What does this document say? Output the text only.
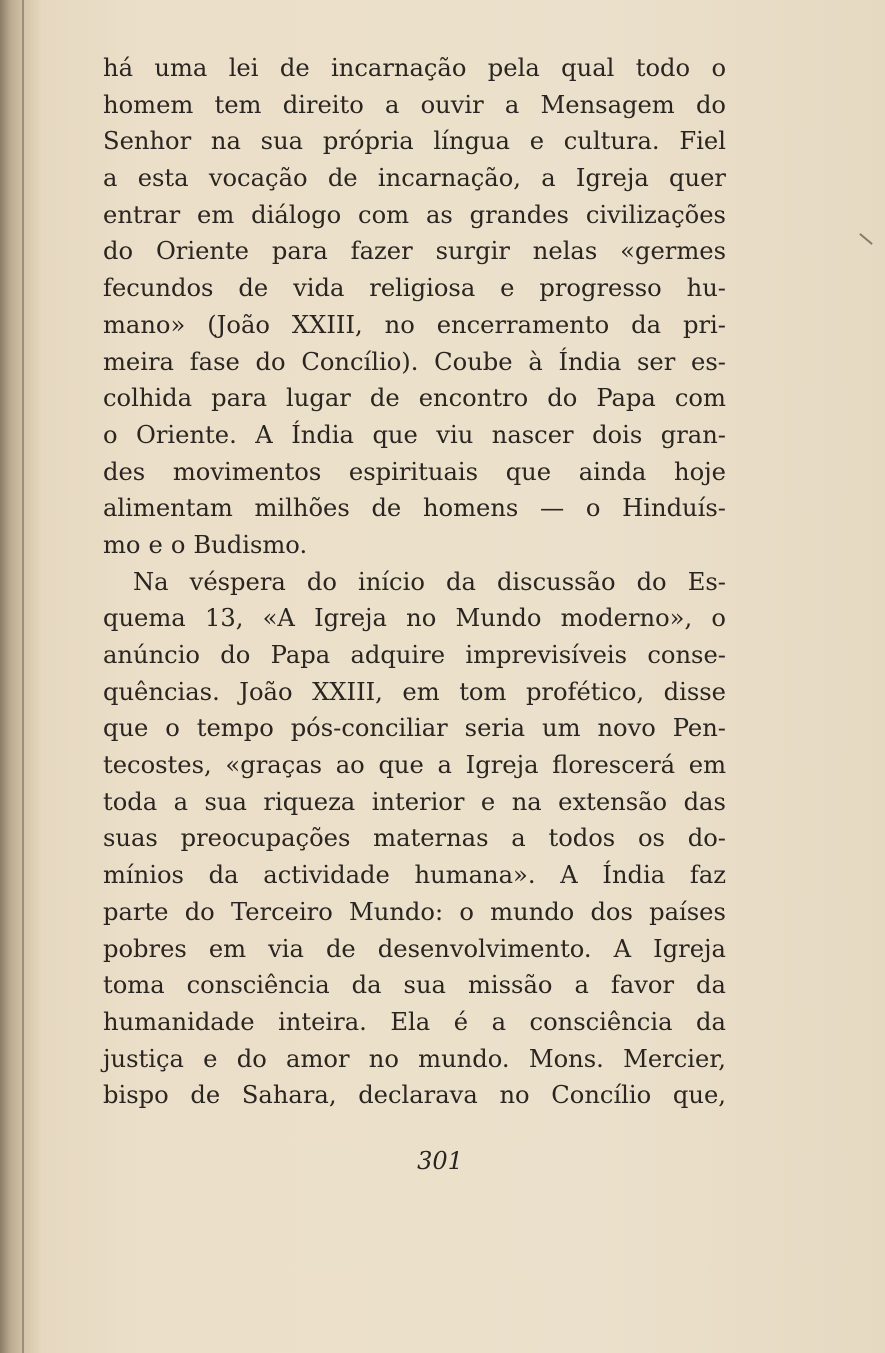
há uma lei de incarnação pela qual todo o
homem tem direito a ouvir a Mensagem do
Senhor na sua própria língua e cultura. Fiel
a esta vocação de incarnação, a Igreja quer
entrar em diálogo com as grandes civilizações
do Oriente para fazer surgir nelas «germes
fecundos de vida religiosa e progresso hu-
mano» (João XXIII, no encerramento da pri-
meira fase do Concílio). Coube à Índia ser es-
colhida para lugar de encontro do Papa com
o Oriente. A Índia que viu nascer dois gran-
des movimentos espirituais que ainda hoje
alimentam milhões de homens — o Hinduís-
mo e o Budismo.
Na véspera do início da discussão do Es-
quema 13, «A Igreja no Mundo moderno», o
anúncio do Papa adquire imprevisíveis conse-
quências. João XXIII, em tom profético, disse
que o tempo pós-conciliar seria um novo Pen-
tecostes, «graças ao que a Igreja florescerá em
toda a sua riqueza interior e na extensão das
suas preocupações maternas a todos os do-
mínios da actividade humana». A Índia faz
parte do Terceiro Mundo: o mundo dos países
pobres em via de desenvolvimento. A Igreja
toma consciência da sua missão a favor da
humanidade inteira. Ela é a consciência da
justiça e do amor no mundo. Mons. Mercier,
bispo de Sahara, declarava no Concílio que,
301
